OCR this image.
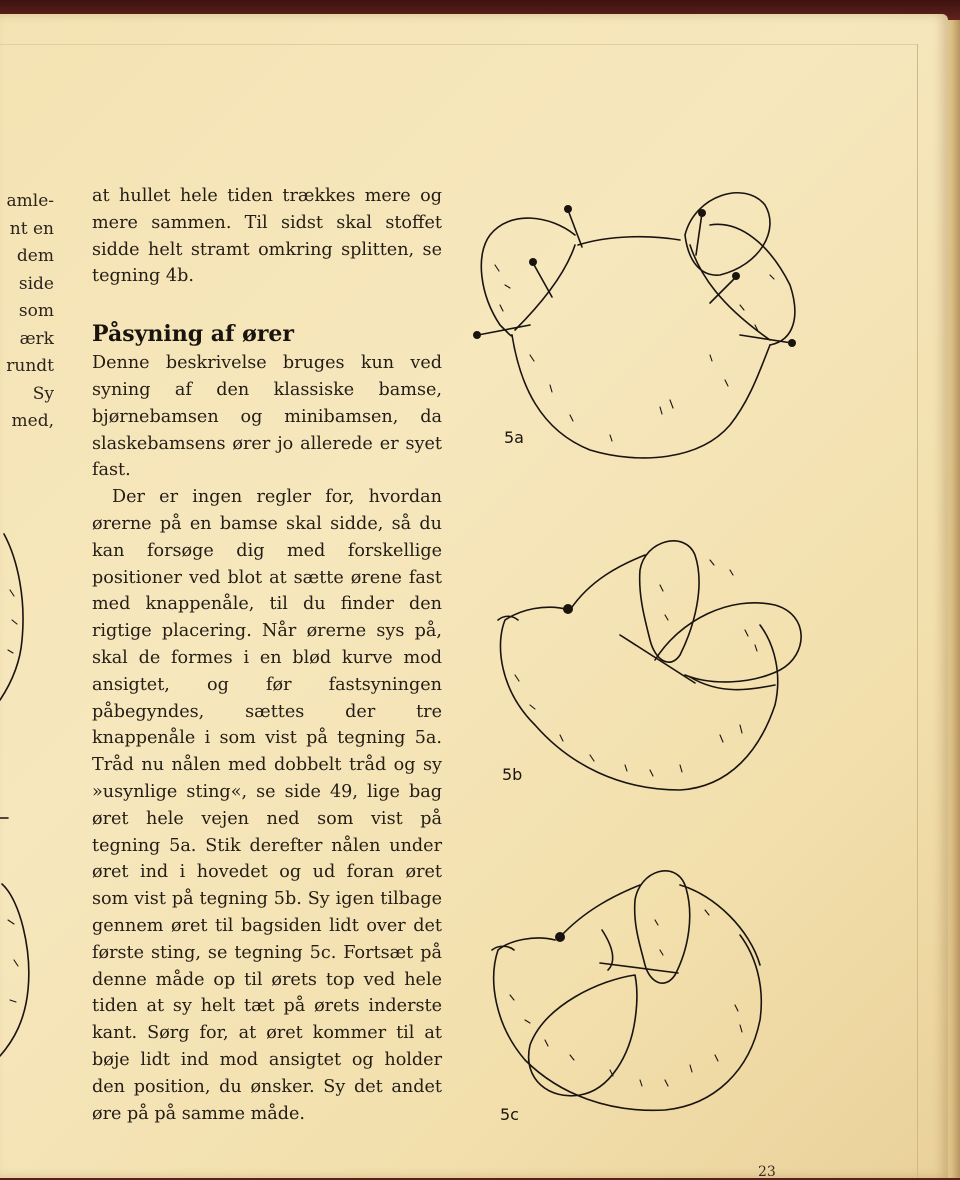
amle-
nt en
dem
side
som
ærk
rundt
Sy
med,

at hullet hele tiden trækkes mere og mere sammen. Til sidst skal stoffet sidde helt stramt omkring splitten, se tegning 4b.

Påsyning af ører

Denne beskrivelse bruges kun ved syning af den klassiske bamse, bjørnebamsen og minibamsen, da slaskebamsens ører jo allerede er syet fast.

Der er ingen regler for, hvordan ørerne på en bamse skal sidde, så du kan forsøge dig med forskellige positioner ved blot at sætte ørene fast med knappenåle, til du finder den rigtige placering. Når ørerne sys på, skal de formes i en blød kurve mod ansigtet, og før fastsyningen påbegyndes, sættes der tre knappenåle i som vist på tegning 5a. Tråd nu nålen med dobbelt tråd og sy »usynlige sting«, se side 49, lige bag øret hele vejen ned som vist på tegning 5a. Stik derefter nålen under øret ind i hovedet og ud foran øret som vist på tegning 5b. Sy igen tilbage gennem øret til bagsiden lidt over det første sting, se tegning 5c. Fortsæt på denne måde op til ørets top ved hele tiden at sy helt tæt på ørets inderste kant. Sørg for, at øret kommer til at bøje lidt ind mod ansigtet og holder den position, du ønsker. Sy det andet øre på på samme måde.

5a
5b
5c
23
